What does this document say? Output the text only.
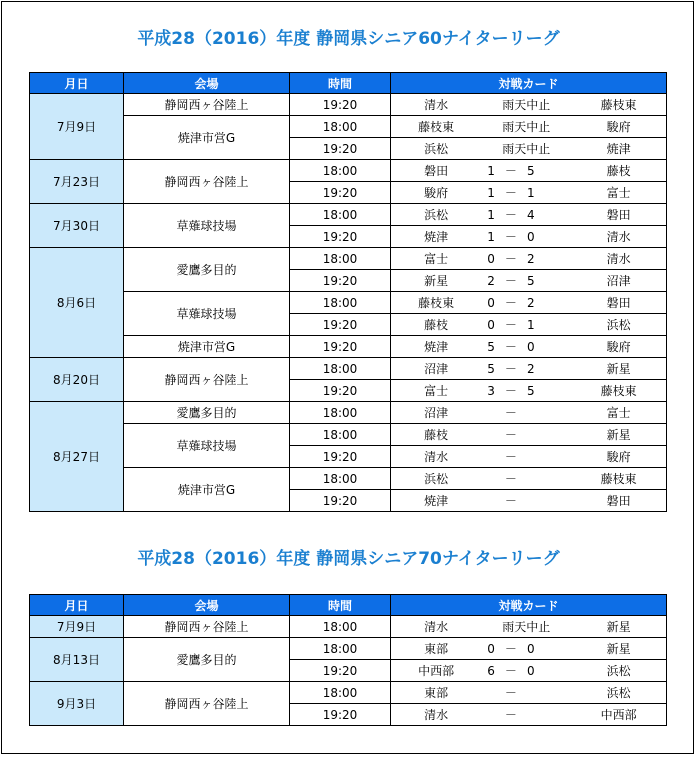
平成28（2016）年度 静岡県シニア60ナイターリーグ
月日	会場	時間	対戦カード
7月9日	静岡西ヶ谷陸上	19:20	清水 雨天中止 藤枝東

	焼津市営G	18:00	藤枝東 雨天中止 駿府

		19:20	浜松 雨天中止 焼津

7月23日	静岡西ヶ谷陸上	18:00	磐田 1 － 5 藤枝

		19:20	駿府 1 － 1 富士

7月30日	草薙球技場	18:00	浜松 1 － 4 磐田

		19:20	焼津 1 － 0 清水

8月6日	愛鷹多目的	18:00	富士 0 － 2 清水

		19:20	新星 2 － 5 沼津

	草薙球技場	18:00	藤枝東 0 － 2 磐田

		19:20	藤枝 0 － 1 浜松

	焼津市営G	19:20	焼津 5 － 0 駿府

8月20日	静岡西ヶ谷陸上	18:00	沼津 5 － 2 新星

		19:20	富士 3 － 5 藤枝東

8月27日	愛鷹多目的	18:00	沼津 － 富士

	草薙球技場	18:00	藤枝 － 新星

		19:20	清水 － 駿府

	焼津市営G	18:00	浜松 － 藤枝東

		19:20	焼津 － 磐田
平成28（2016）年度 静岡県シニア70ナイターリーグ
月日	会場	時間	対戦カード
7月9日	静岡西ヶ谷陸上	18:00	清水 雨天中止 新星

8月13日	愛鷹多目的	18:00	東部 0 － 0 新星

		19:20	中西部 6 － 0 浜松

9月3日	静岡西ヶ谷陸上	18:00	東部 － 浜松

		19:20	清水 － 中西部
